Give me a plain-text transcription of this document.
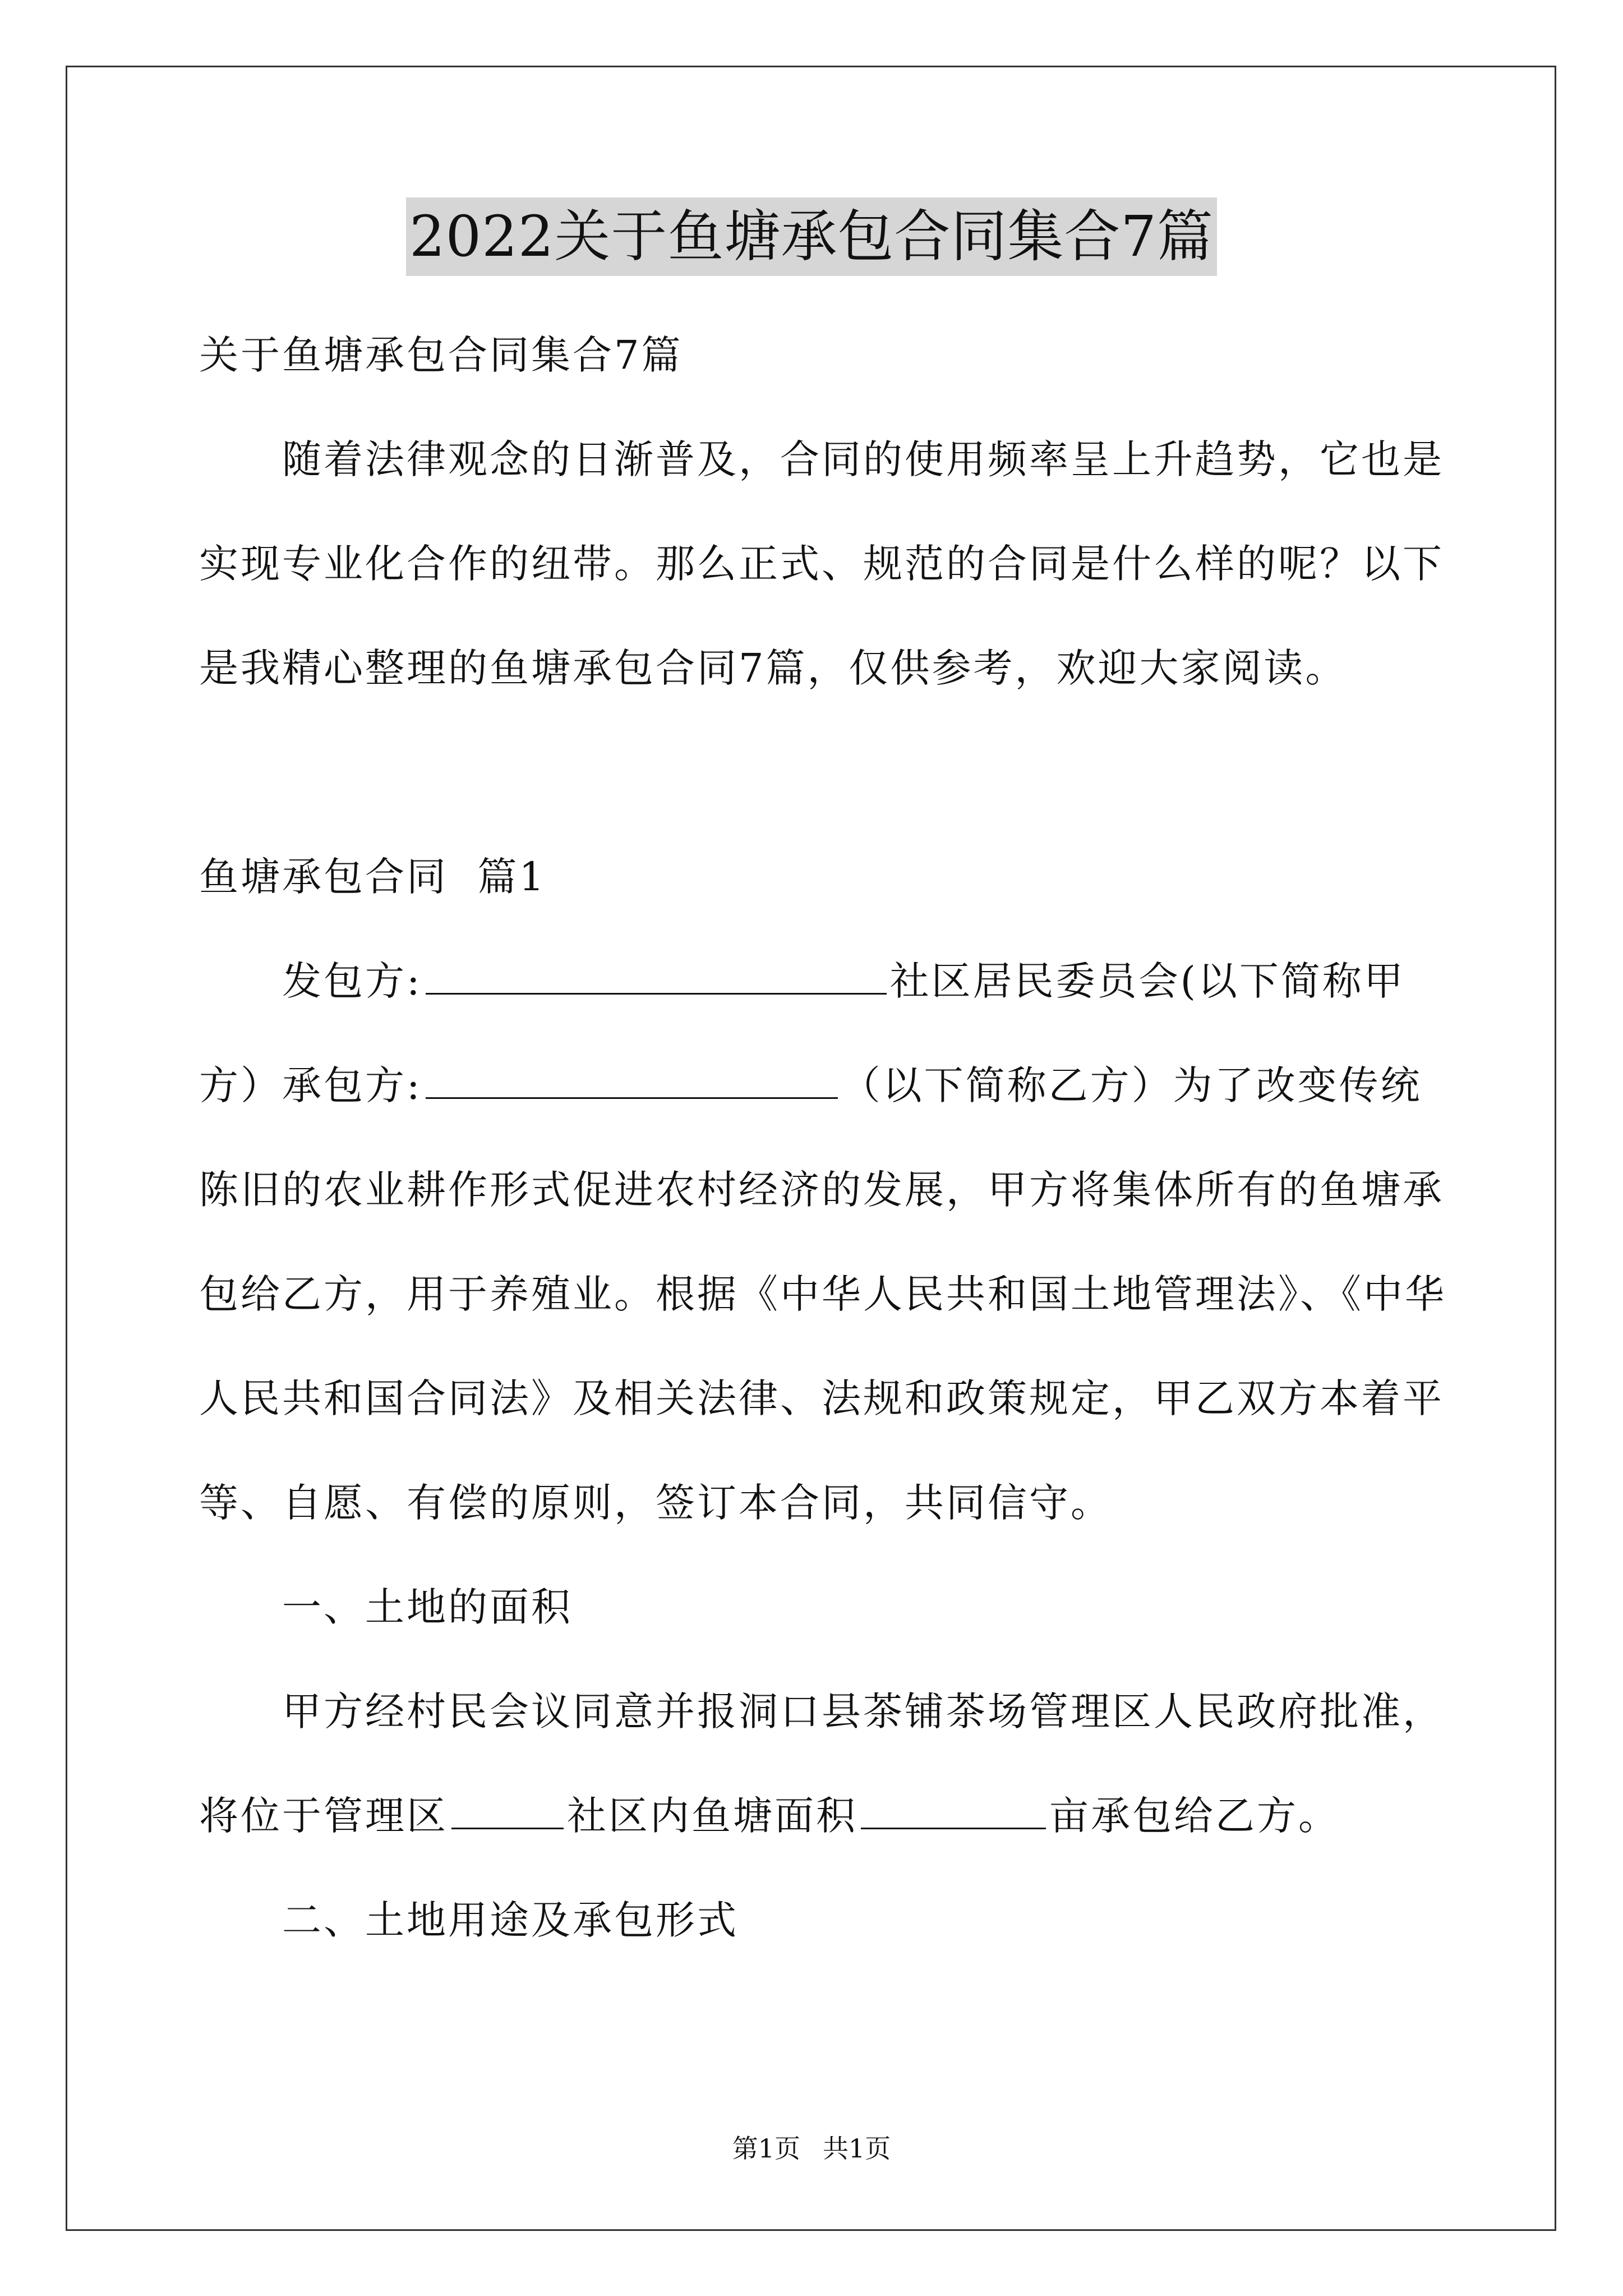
2022关于鱼塘承包合同集合7篇
关于鱼塘承包合同集合7篇
随着法律观念的日渐普及，合同的使用频率呈上升趋势，它也是
实现专业化合作的纽带。那么正式、规范的合同是什么样的呢？以下
是我精心整理的鱼塘承包合同7篇，仅供参考，欢迎大家阅读。
鱼塘承包合同  篇1
发包方:	社区居民委员会(以下简称甲
方）承包方:	（以下简称乙方）为了改变传统
陈旧的农业耕作形式促进农村经济的发展，甲方将集体所有的鱼塘承
包给乙方，用于养殖业。根据《中华人民共和国土地管理法》、《中华
人民共和国合同法》及相关法律、法规和政策规定，甲乙双方本着平
等、自愿、有偿的原则，签订本合同，共同信守。
一、土地的面积
甲方经村民会议同意并报洞口县茶铺茶场管理区人民政府批准，
将位于管理区	社区内鱼塘面积	亩承包给乙方。
二、土地用途及承包形式
第1页 共1页
